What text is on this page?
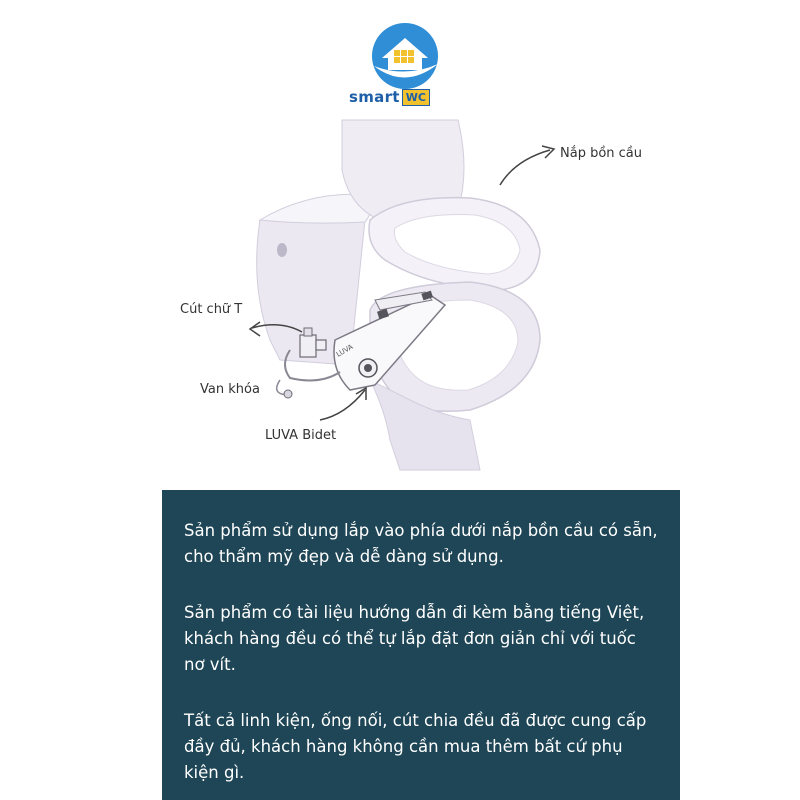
smart WC
LUVA
Nắp bồn cầu
Cút chữ T
Van khóa
LUVA Bidet

Sản phẩm sử dụng lắp vào phía dưới nắp bồn cầu có sẵn, cho thẩm mỹ đẹp và dễ dàng sử dụng.

Sản phẩm có tài liệu hướng dẫn đi kèm bằng tiếng Việt, khách hàng đều có thể tự lắp đặt đơn giản chỉ với tuốc nơ vít.

Tất cả linh kiện, ống nối, cút chia đều đã được cung cấp đầy đủ, khách hàng không cần mua thêm bất cứ phụ kiện gì.
